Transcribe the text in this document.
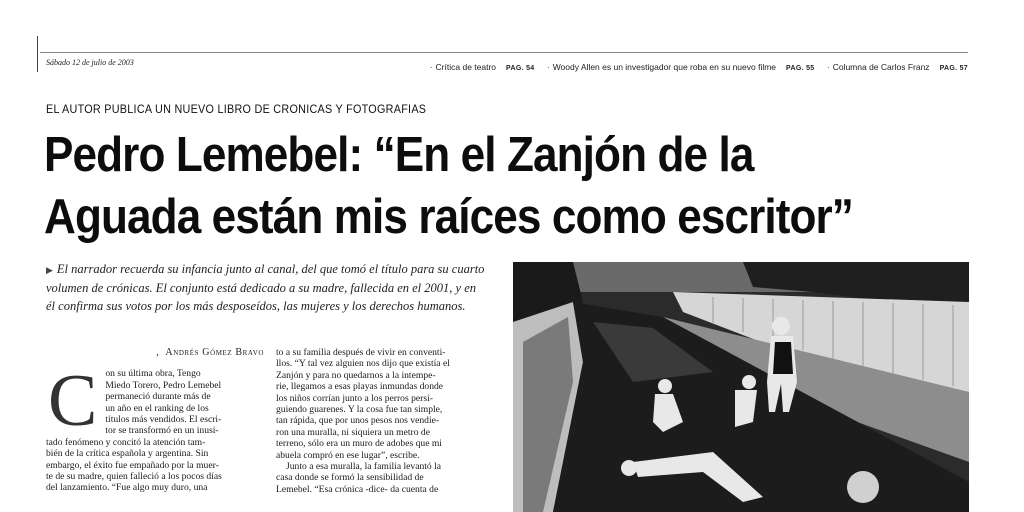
Sábado 12 de julio de 2003	· Crítica de teatro PAG. 54 · Woody Allen es un investigador que roba en su nuevo filme PAG. 55 · Columna de Carlos Franz PAG. 57
EL AUTOR PUBLICA UN NUEVO LIBRO DE CRONICAS Y FOTOGRAFIAS
Pedro Lemebel: “En el Zanjón de la
Aguada están mis raíces como escritor”
▶ El narrador recuerda su infancia junto al canal, del que tomó el título para su cuarto volumen de crónicas. El conjunto está dedicado a su madre, fallecida en el 2001, y en él confirma sus votos por los más desposeídos, las mujeres y los derechos humanos.
, Andrés Gómez Bravo
C on su última obra, Tengo
Miedo Torero, Pedro Lemebel
permaneció durante más de
un año en el ranking de los
títulos más vendidos. El escri-
tor se transformó en un inusi-
tado fenómeno y concitó la atención tam-
bién de la crítica española y argentina. Sin
embargo, el éxito fue empañado por la muer-
te de su madre, quien falleció a los pocos días
del lanzamiento. “Fue algo muy duro, una
to a su familia después de vivir en conventi-
llos. “Y tal vez alguien nos dijo que existía el
Zanjón y para no quedarnos a la intempe-
rie, llegamos a esas playas inmundas donde
los niños corrían junto a los perros persi-
guiendo guarenes. Y la cosa fue tan simple,
tan rápida, que por unos pesos nos vendie-
ron una muralla, ni siquiera un metro de
terreno, sólo era un muro de adobes que mi
abuela compró en ese lugar”, escribe.
Junto a esa muralla, la familia levantó la
casa donde se formó la sensibilidad de
Lemebel. “Esa crónica -dice- da cuenta de
